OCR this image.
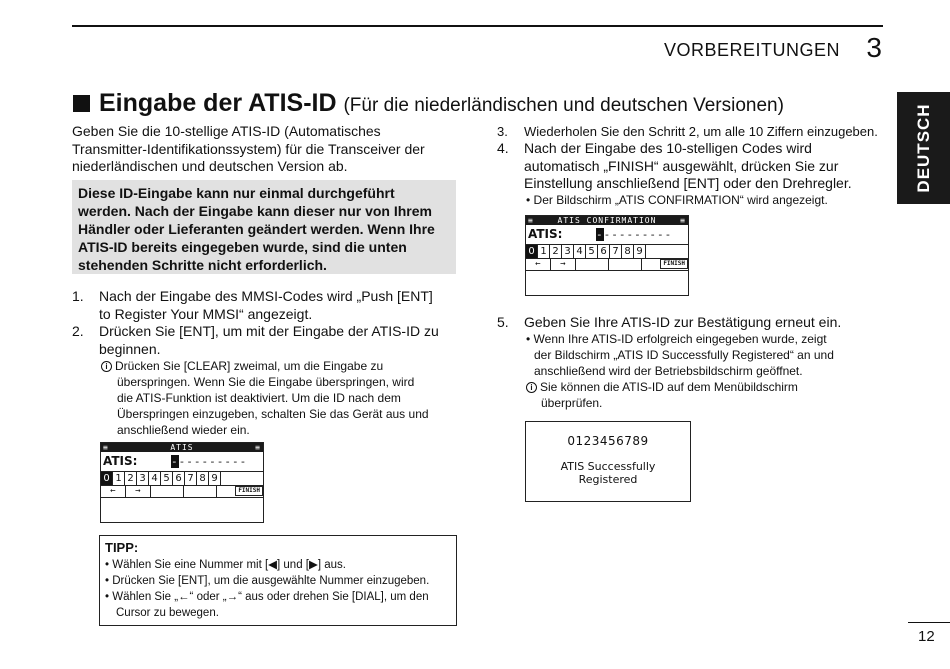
VORBEREITUNGEN 3
DEUTSCH
Eingabe der ATIS-ID (Für die niederländischen und deutschen Versionen)
Geben Sie die 10-stellige ATIS-ID (Automatisches Transmitter-Identifikationssystem) für die Transceiver der niederländischen und deutschen Version ab.

Diese ID-Eingabe kann nur einmal durchgeführt werden. Nach der Eingabe kann dieser nur von Ihrem Händler oder Lieferanten geändert werden. Wenn Ihre ATIS-ID bereits eingegeben wurde, sind die unten stehenden Schritte nicht erforderlich.

1. Nach der Eingabe des MMSI-Codes wird „Push [ENT]
to Register Your MMSI“ angezeigt.
2. Drücken Sie [ENT], um mit der Eingabe der ATIS-ID zu
beginnen.
i Drücken Sie [CLEAR] zweimal, um die Eingabe zu
überspringen. Wenn Sie die Eingabe überspringen, wird
die ATIS-Funktion ist deaktiviert. Um die ID nach dem
Überspringen einzugeben, schalten Sie das Gerät aus und
anschließend wieder ein.
≡	ATIS	≡
ATIS:	----------
0 1 2 3 4 5 6 7 8 9
←	→	FINISH
TIPP:
• Wählen Sie eine Nummer mit [◀] und [▶] aus.
• Drücken Sie [ENT], um die ausgewählte Nummer einzugeben.
• Wählen Sie „←“ oder „→“ aus oder drehen Sie [DIAL], um den
Cursor zu bewegen.
3. Wiederholen Sie den Schritt 2, um alle 10 Ziffern einzugeben.
4. Nach der Eingabe des 10-stelligen Codes wird
automatisch „FINISH“ ausgewählt, drücken Sie zur
Einstellung anschließend [ENT] oder den Drehregler.
• Der Bildschirm „ATIS CONFIRMATION“ wird angezeigt.
≡	ATIS CONFIRMATION	≡
ATIS:	----------
0 1 2 3 4 5 6 7 8 9
←	→	FINISH
5. Geben Sie Ihre ATIS-ID zur Bestätigung erneut ein.
• Wenn Ihre ATIS-ID erfolgreich eingegeben wurde, zeigt
der Bildschirm „ATIS ID Successfully Registered“ an und
anschließend wird der Betriebsbildschirm geöffnet.
i Sie können die ATIS-ID auf dem Menübildschirm
überprüfen.
0123456789
ATIS Successfully
Registered
12
